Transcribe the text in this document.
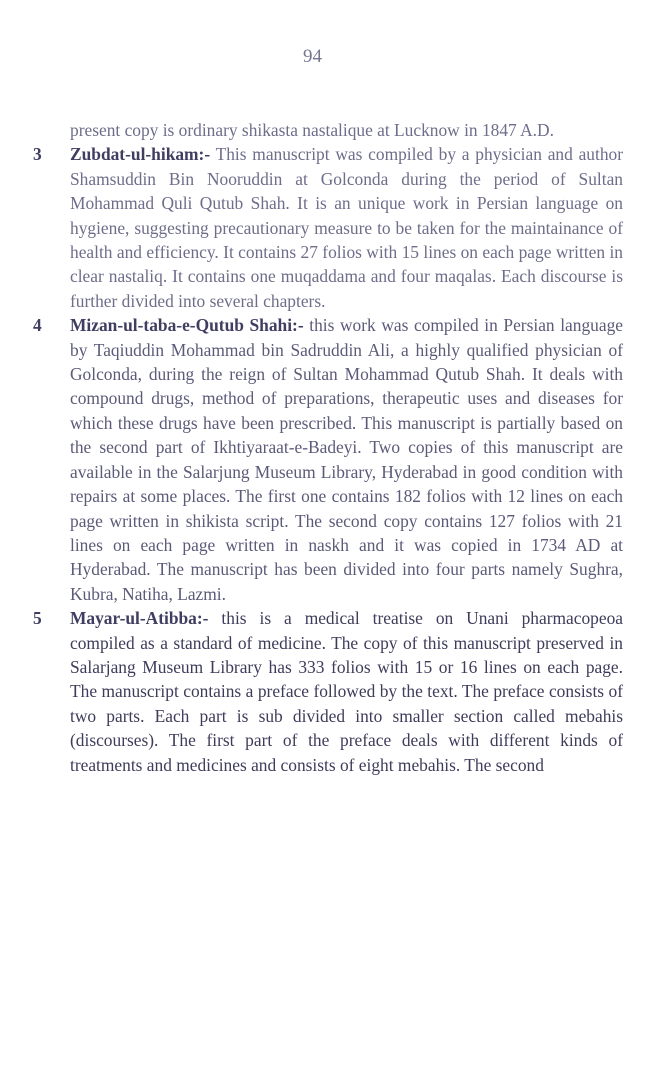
94

present copy is ordinary shikasta nastalique at Lucknow in 1847 A.D.

3 Zubdat-ul-hikam:- This manuscript was compiled by a physician and author Shamsuddin Bin Nooruddin at Golconda during the period of Sultan Mohammad Quli Qutub Shah. It is an unique work in Persian language on hygiene, suggesting precautionary measure to be taken for the maintainance of health and efficiency. It contains 27 folios with 15 lines on each page written in clear nastaliq. It contains one muqaddama and four maqalas. Each discourse is further divided into several chapters.

4 Mizan-ul-taba-e-Qutub Shahi:- this work was compiled in Persian language by Taqiuddin Mohammad bin Sadruddin Ali, a highly qualified physician of Golconda, during the reign of Sultan Mohammad Qutub Shah. It deals with compound drugs, method of preparations, therapeutic uses and diseases for which these drugs have been prescribed. This manuscript is partially based on the second part of Ikhtiyaraat-e-Badeyi. Two copies of this manuscript are available in the Salarjung Museum Library, Hyderabad in good condition with repairs at some places. The first one contains 182 folios with 12 lines on each page written in shikista script. The second copy contains 127 folios with 21 lines on each page written in naskh and it was copied in 1734 AD at Hyderabad. The manuscript has been divided into four parts namely Sughra, Kubra, Natiha, Lazmi.

5 Mayar-ul-Atibba:- this is a medical treatise on Unani pharmacopeoa compiled as a standard of medicine. The copy of this manuscript preserved in Salarjang Museum Library has 333 folios with 15 or 16 lines on each page. The manuscript contains a preface followed by the text. The preface consists of two parts. Each part is sub divided into smaller section called mebahis (discourses). The first part of the preface deals with different kinds of treatments and medicines and consists of eight mebahis. The second
